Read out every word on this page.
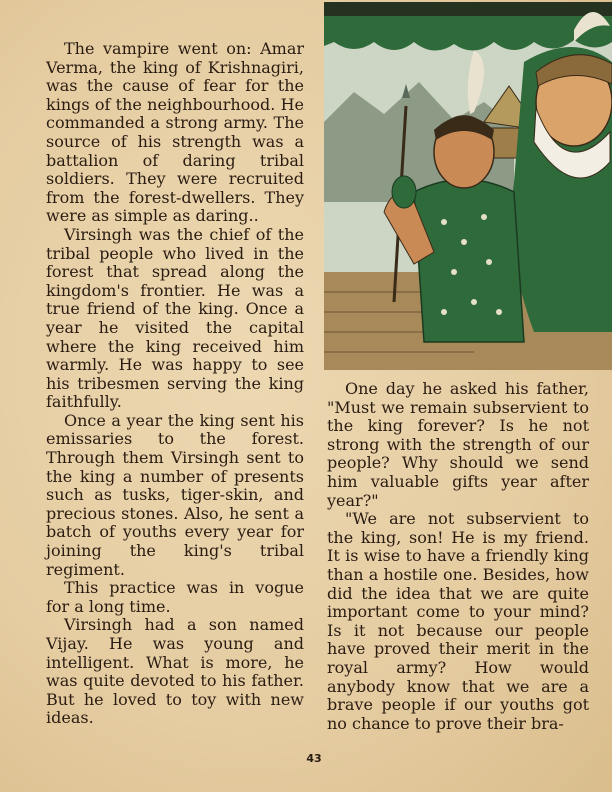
The vampire went on: Amar Verma, the king of Krishnagiri, was the cause of fear for the kings of the neighbourhood. He commanded a strong army. The source of his strength was a battalion of daring tribal soldiers. They were recruited from the forest-dwellers. They were as simple as daring..

Virsingh was the chief of the tribal people who lived in the forest that spread along the kingdom's frontier. He was a true friend of the king. Once a year he visited the capital where the king received him warmly. He was happy to see his tribesmen serving the king faithfully.

Once a year the king sent his emissaries to the forest. Through them Virsingh sent to the king a number of presents such as tusks, tiger-skin, and precious stones. Also, he sent a batch of youths every year for joining the king's tribal regiment.

This practice was in vogue for a long time.

Virsingh had a son named Vijay. He was young and intelligent. What is more, he was quite devoted to his father. But he loved to toy with new ideas.

One day he asked his father, "Must we remain subservient to the king forever? Is he not strong with the strength of our people? Why should we send him valuable gifts year after year?"

"We are not subservient to the king, son! He is my friend. It is wise to have a friendly king than a hostile one. Besides, how did the idea that we are quite important come to your mind? Is it not because our people have proved their merit in the royal army? How would anybody know that we are a brave people if our youths got no chance to prove their bra-

43
